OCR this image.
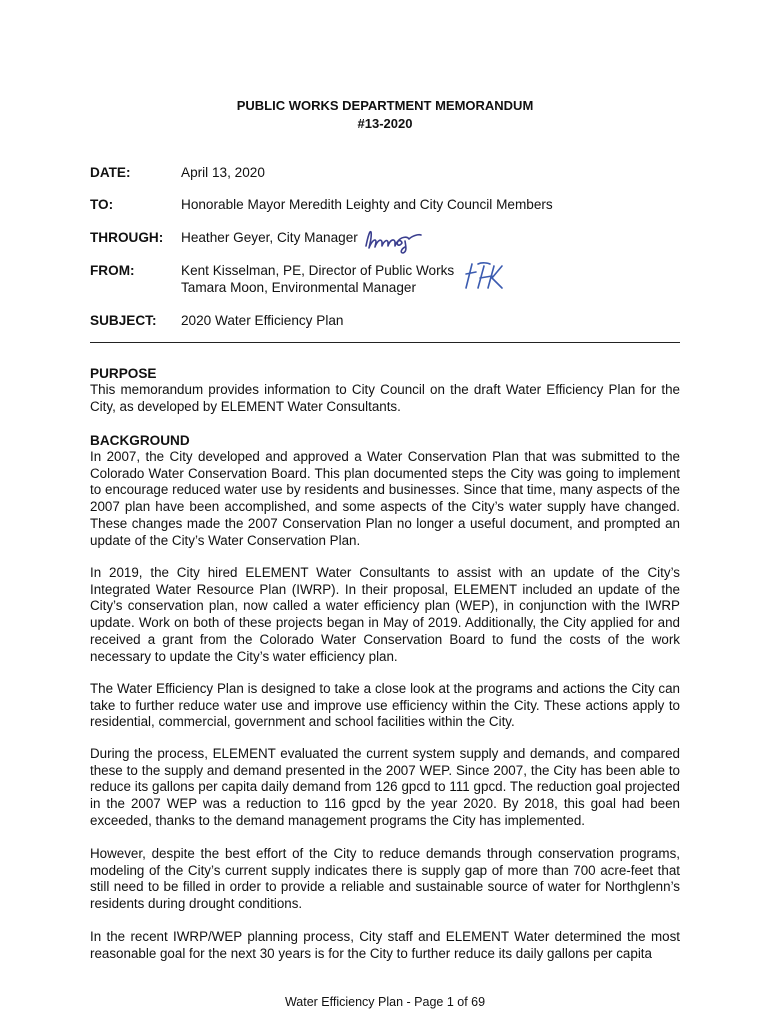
PUBLIC WORKS DEPARTMENT MEMORANDUM
#13-2020
DATE:	April 13, 2020
TO:	Honorable Mayor Meredith Leighty and City Council Members
THROUGH: Heather Geyer, City Manager
FROM:	Kent Kisselman, PE, Director of Public Works
Tamara Moon, Environmental Manager
SUBJECT: 2020 Water Efficiency Plan
PURPOSE

This memorandum provides information to City Council on the draft Water Efficiency Plan for the City, as developed by ELEMENT Water Consultants.

BACKGROUND

In 2007, the City developed and approved a Water Conservation Plan that was submitted to the Colorado Water Conservation Board. This plan documented steps the City was going to implement to encourage reduced water use by residents and businesses. Since that time, many aspects of the 2007 plan have been accomplished, and some aspects of the City’s water supply have changed. These changes made the 2007 Conservation Plan no longer a useful document, and prompted an update of the City’s Water Conservation Plan.

In 2019, the City hired ELEMENT Water Consultants to assist with an update of the City’s Integrated Water Resource Plan (IWRP). In their proposal, ELEMENT included an update of the City’s conservation plan, now called a water efficiency plan (WEP), in conjunction with the IWRP update. Work on both of these projects began in May of 2019. Additionally, the City applied for and received a grant from the Colorado Water Conservation Board to fund the costs of the work necessary to update the City’s water efficiency plan.

The Water Efficiency Plan is designed to take a close look at the programs and actions the City can take to further reduce water use and improve use efficiency within the City. These actions apply to residential, commercial, government and school facilities within the City.

During the process, ELEMENT evaluated the current system supply and demands, and compared these to the supply and demand presented in the 2007 WEP. Since 2007, the City has been able to reduce its gallons per capita daily demand from 126 gpcd to 111 gpcd. The reduction goal projected in the 2007 WEP was a reduction to 116 gpcd by the year 2020. By 2018, this goal had been exceeded, thanks to the demand management programs the City has implemented.

However, despite the best effort of the City to reduce demands through conservation programs, modeling of the City’s current supply indicates there is supply gap of more than 700 acre-feet that still need to be filled in order to provide a reliable and sustainable source of water for Northglenn’s residents during drought conditions.

In the recent IWRP/WEP planning process, City staff and ELEMENT Water determined the most reasonable goal for the next 30 years is for the City to further reduce its daily gallons per capita

Water Efficiency Plan - Page 1 of 69
